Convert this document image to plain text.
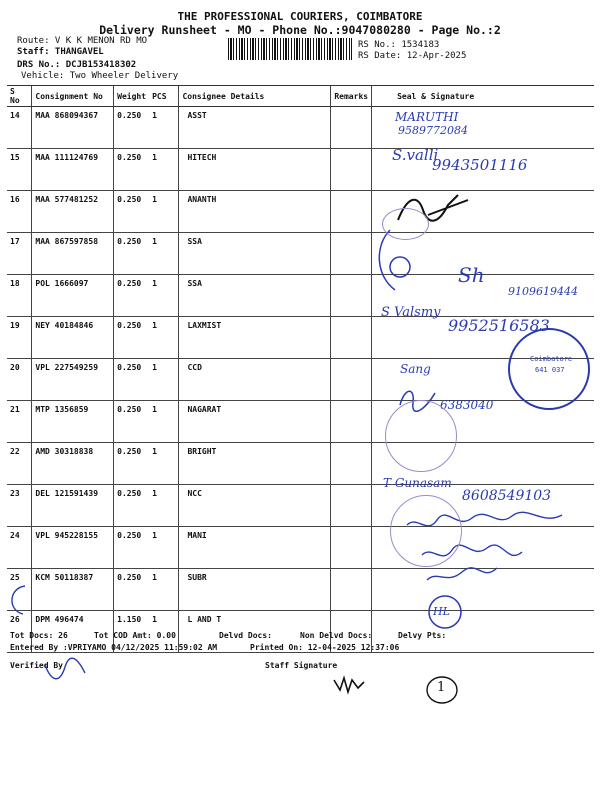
THE PROFESSIONAL COURIERS, COIMBATORE
Delivery Runsheet - MO - Phone No.:9047080280 - Page No.:2
Route: V K K MENON RD MO
Staff: THANGAVEL
DRS No.: DCJB153418302
Vehicle: Two Wheeler Delivery
RS No.: 1534183
RS Date: 12-Apr-2025
S No	Consignment No	Weight	PCS	Consignee Details	Remarks	Seal & Signature
14	MAA 868094367	0.250	1	ASST		
15	MAA 111124769	0.250	1	HITECH		
16	MAA 577481252	0.250	1	ANANTH		
17	MAA 867597858	0.250	1	SSA		
18	POL 1666097	0.250	1	SSA		
19	NEY 40184846	0.250	1	LAXMIST		
20	VPL 227549259	0.250	1	CCD		
21	MTP 1356859	0.250	1	NAGARAT		
22	AMD 30318838	0.250	1	BRIGHT		
23	DEL 121591439	0.250	1	NCC		
24	VPL 945228155	0.250	1	MANI		
25	KCM 50118387	0.250	1	SUBR		
26	DPM 496474	1.150	1	L AND T		
MARUTHI
9589772084
S.valli
9943501116
Sh
9109619444
S Valsmy
9952516583
Sang
6383040
T Gunasam
8608549103
HL
Coimbatore
641 037
Tot Docs: 26	Tot COD Amt: 0.00	Delvd Docs:	Non Delvd Docs:	Delvy Pts:
Entered By :VPRIYAMO 04/12/2025 11:59:02 AM	Printed On: 12-04-2025 12:37:06
Verified By	Staff Signature
1
